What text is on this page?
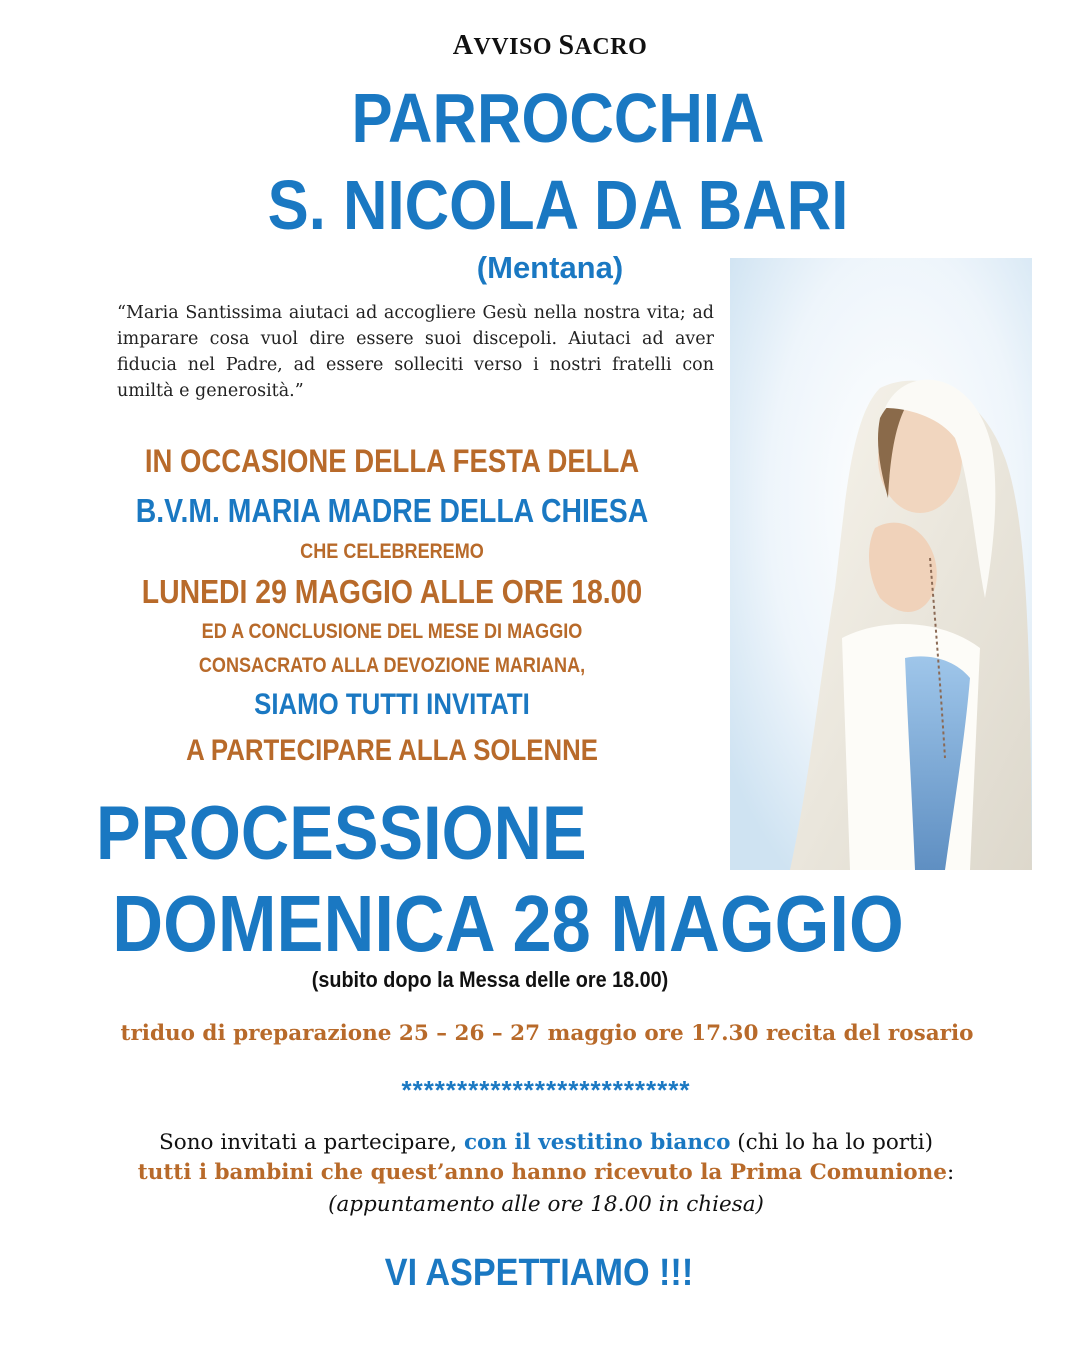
AVVISO SACRO
PARROCCHIA
S. NICOLA DA BARI
(Mentana)
“Maria Santissima aiutaci ad accogliere Gesù nella nostra vita; ad imparare cosa vuol dire essere suoi discepoli. Aiutaci ad aver fiducia nel Padre, ad essere solleciti verso i nostri fratelli con umiltà e generosità.”
IN OCCASIONE DELLA FESTA DELLA
B.V.M. MARIA MADRE DELLA CHIESA
CHE CELEBREREMO
LUNEDI 29 MAGGIO ALLE ORE 18.00
ED A CONCLUSIONE DEL MESE DI MAGGIO
CONSACRATO ALLA DEVOZIONE MARIANA,
SIAMO TUTTI INVITATI
A PARTECIPARE ALLA SOLENNE
PROCESSIONE
DOMENICA 28 MAGGIO
(subito dopo la Messa delle ore 18.00)
triduo di preparazione 25 – 26 – 27 maggio ore 17.30 recita del rosario
**************************
Sono invitati a partecipare, con il vestitino bianco (chi lo ha lo porti)
tutti i bambini che quest’anno hanno ricevuto la Prima Comunione:
(appuntamento alle ore 18.00 in chiesa)
VI ASPETTIAMO !!!
